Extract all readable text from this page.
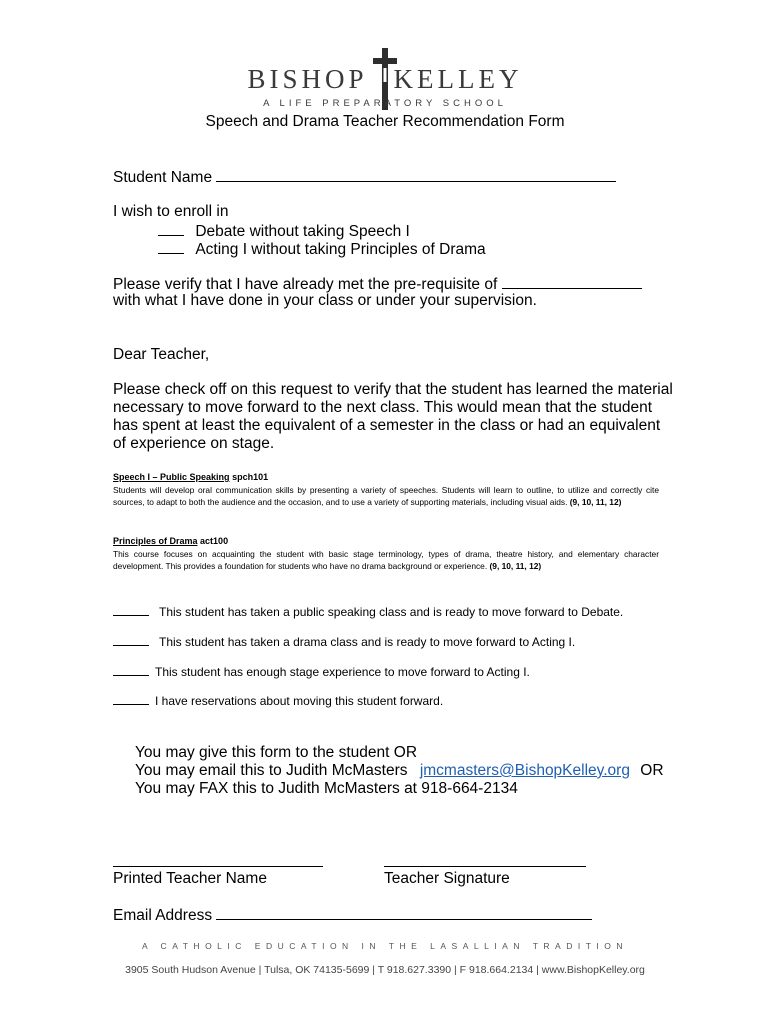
BISHOP KELLEY
A LIFE PREPARATORY SCHOOL
Speech and Drama Teacher Recommendation Form
Student Name
I wish to enroll in
Debate without taking Speech I
Acting I without taking Principles of Drama
Please verify that I have already met the pre-requisite of
with what I have done in your class or under your supervision.
Dear Teacher,
Please check off on this request to verify that the student has learned the material necessary to move forward to the next class. This would mean that the student has spent at least the equivalent of a semester in the class or had an equivalent of experience on stage.
Speech I – Public Speaking spch101
Students will develop oral communication skills by presenting a variety of speeches. Students will learn to outline, to utilize and correctly cite sources, to adapt to both the audience and the occasion, and to use a variety of supporting materials, including visual aids. (9, 10, 11, 12)
Principles of Drama act100
This course focuses on acquainting the student with basic stage terminology, types of drama, theatre history, and elementary character development. This provides a foundation for students who have no drama background or experience. (9, 10, 11, 12)
This student has taken a public speaking class and is ready to move forward to Debate.
This student has taken a drama class and is ready to move forward to Acting I.
This student has enough stage experience to move forward to Acting I.
I have reservations about moving this student forward.
You may give this form to the student OR
You may email this to Judith McMasters jmcmasters@BishopKelley.org OR
You may FAX this to Judith McMasters at 918-664-2134
Printed Teacher Name	Teacher Signature
Email Address
A CATHOLIC EDUCATION IN THE LASALLIAN TRADITION
3905 South Hudson Avenue | Tulsa, OK 74135-5699 | T 918.627.3390 | F 918.664.2134 | www.BishopKelley.org
